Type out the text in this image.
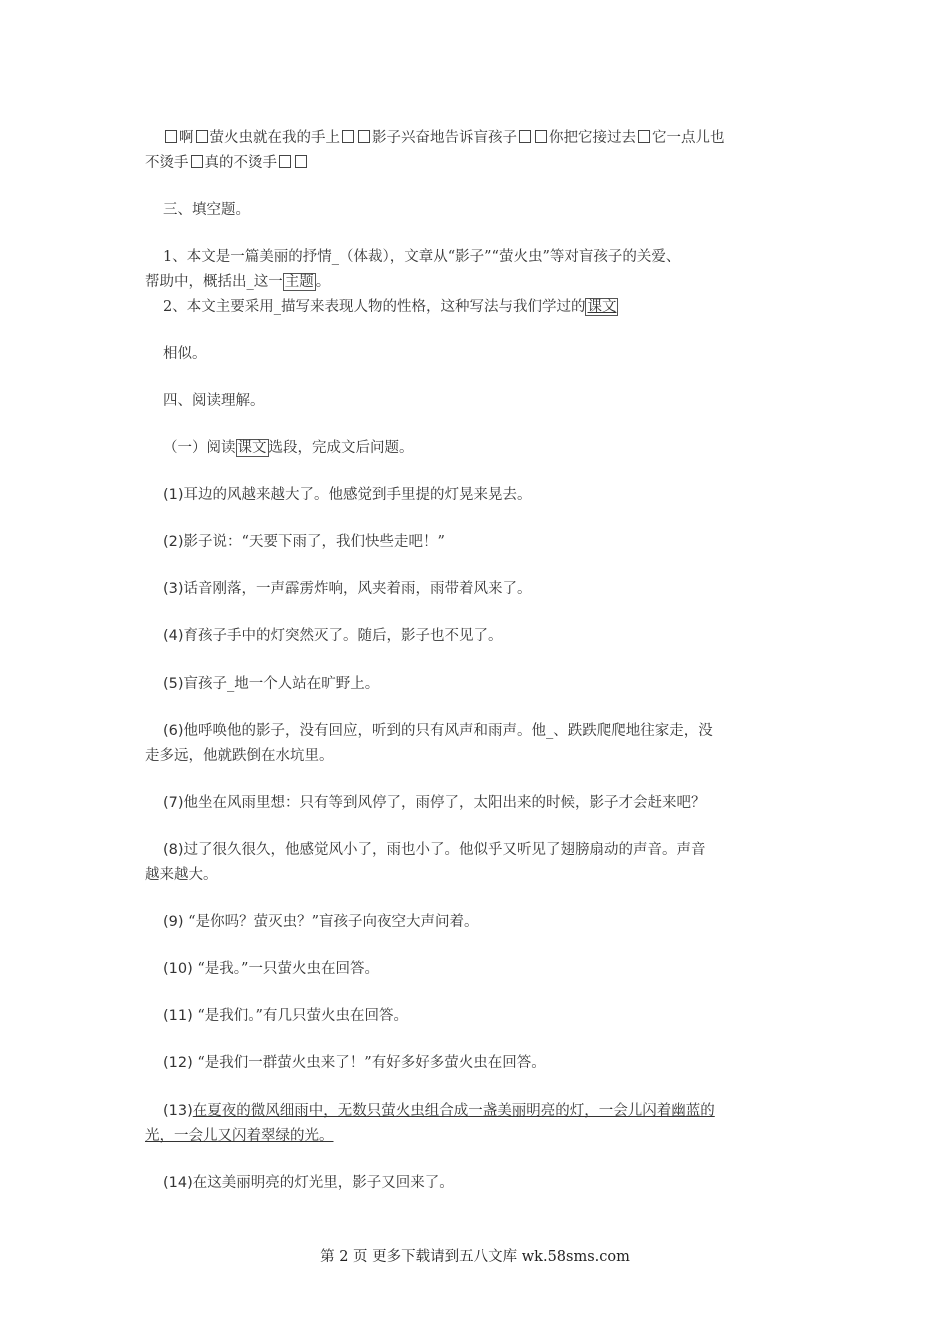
啊 萤火虫就在我的手上 影子兴奋地告诉盲孩子 你把它接过去 它一点儿也
不烫手 真的不烫手
三、填空题。
1、本文是一篇美丽的抒情_（体裁），文章从“影子”“萤火虫”等对盲孩子的关爱、
帮助中，概括出_这一 主题 。
2、本文主要采用_描写来表现人物的性格，这种写法与我们学过的 课文
相似。
四、阅读理解。
（一）阅读 课文 选段，完成文后问题。
(1)耳边的风越来越大了。他感觉到手里提的灯晃来晃去。
(2)影子说：“天要下雨了，我们快些走吧！”
(3)话音刚落，一声霹雳炸响，风夹着雨，雨带着风来了。
(4)育孩子手中的灯突然灭了。随后，影子也不见了。
(5)盲孩子_地一个人站在旷野上。
(6)他呼唤他的影子，没有回应，听到的只有风声和雨声。他_、跌跌爬爬地往家走，没
走多远，他就跌倒在水坑里。
(7)他坐在风雨里想：只有等到风停了，雨停了，太阳出来的时候，影子才会赶来吧？
(8)过了很久很久，他感觉风小了，雨也小了。他似乎又听见了翅膀扇动的声音。声音
越来越大。
(9) “是你吗？萤灭虫？”盲孩子向夜空大声问着。
(10) “是我。”一只萤火虫在回答。
(11) “是我们。”有几只萤火虫在回答。
(12) “是我们一群萤火虫来了！”有好多好多萤火虫在回答。
(13)在夏夜的微风细雨中，无数只萤火虫组合成一盏美丽明亮的灯，一会儿闪着幽蓝的
光，一会儿又闪着翠绿的光。
(14)在这美丽明亮的灯光里，影子又回来了。
第 2 页 更多下载请到五八文库 wk.58sms.com
